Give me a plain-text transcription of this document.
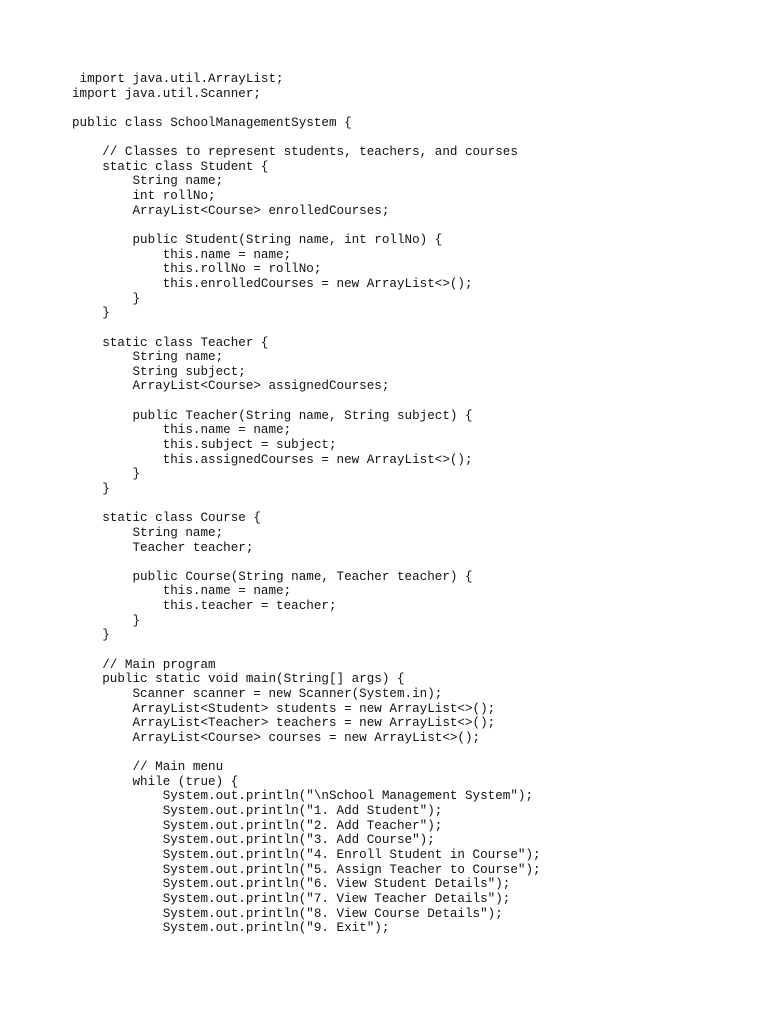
import java.util.ArrayList;
import java.util.Scanner;
public class SchoolManagementSystem {
// Classes to represent students, teachers, and courses
static class Student {
String name;
int rollNo;
ArrayList<Course> enrolledCourses;
public Student(String name, int rollNo) {
this.name = name;
this.rollNo = rollNo;
this.enrolledCourses = new ArrayList<>();
}
}
static class Teacher {
String name;
String subject;
ArrayList<Course> assignedCourses;
public Teacher(String name, String subject) {
this.name = name;
this.subject = subject;
this.assignedCourses = new ArrayList<>();
}
}
static class Course {
String name;
Teacher teacher;
public Course(String name, Teacher teacher) {
this.name = name;
this.teacher = teacher;
}
}
// Main program
public static void main(String[] args) {
Scanner scanner = new Scanner(System.in);
ArrayList<Student> students = new ArrayList<>();
ArrayList<Teacher> teachers = new ArrayList<>();
ArrayList<Course> courses = new ArrayList<>();
// Main menu
while (true) {
System.out.println("\nSchool Management System");
System.out.println("1. Add Student");
System.out.println("2. Add Teacher");
System.out.println("3. Add Course");
System.out.println("4. Enroll Student in Course");
System.out.println("5. Assign Teacher to Course");
System.out.println("6. View Student Details");
System.out.println("7. View Teacher Details");
System.out.println("8. View Course Details");
System.out.println("9. Exit");
